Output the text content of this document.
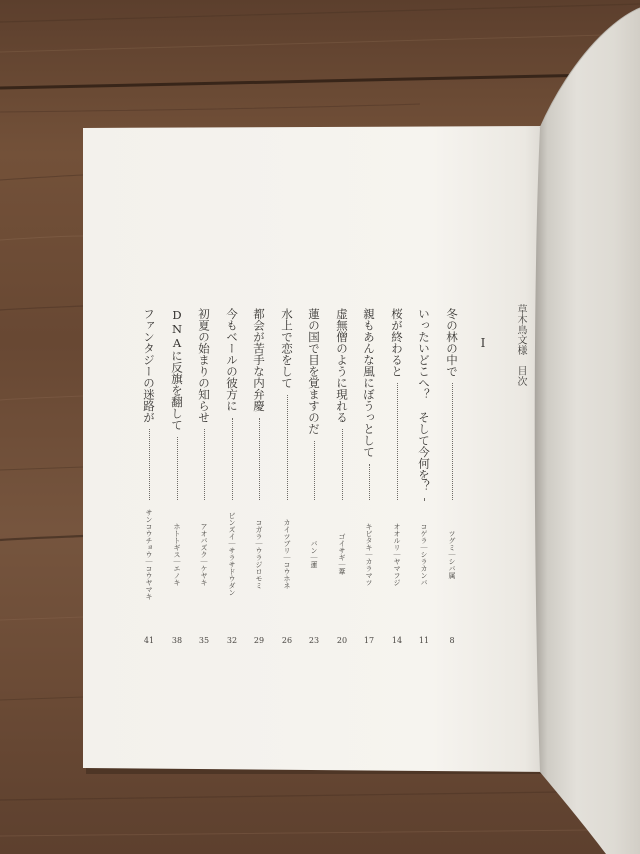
草木鳥文様　目次
I
冬の林の中で
ツグミ｜シバ属
8
いったいどこへ？　そして今何を？
コゲラ｜シラカンバ
11
桜が終わると
オオルリ｜ヤマフジ
14
親もあんな風にぼうっとして
キビタキ｜カラマツ
17
虚無僧のように現れる
ゴイサギ｜葦
20
蓮の国で目を覚ますのだ
バン｜蓮
23
水上で恋をして
カイツブリ｜コウホネ
26
都会が苦手な内弁慶
コガラ｜ウラジロモミ
29
今もベールの彼方に
ビンズイ｜サラサドウダン
32
初夏の始まりの知らせ
アオバズク｜ケヤキ
35
DNAに反旗を翻して
ホトトギス｜エノキ
38
ファンタジーの迷路が
サンコウチョウ｜コウヤマキ
41
